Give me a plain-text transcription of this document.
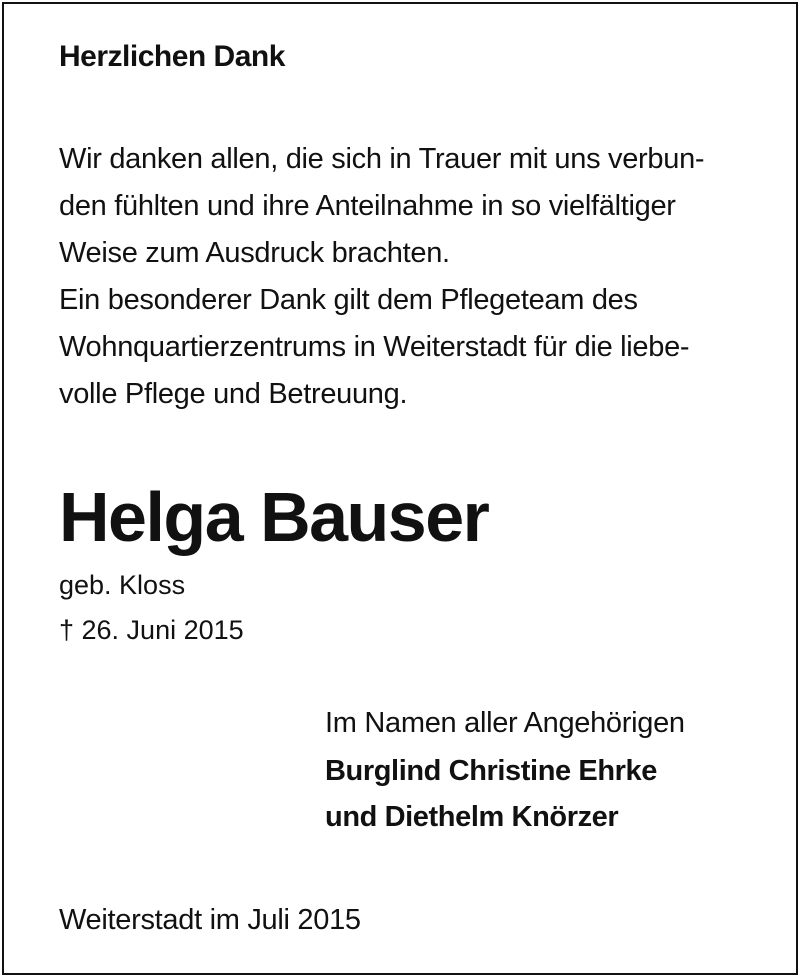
Herzlichen Dank

Wir danken allen, die sich in Trauer mit uns verbun-
den fühlten und ihre Anteilnahme in so vielfältiger
Weise zum Ausdruck brachten.
Ein besonderer Dank gilt dem Pflegeteam des
Wohnquartierzentrums in Weiterstadt für die liebe-
volle Pflege und Betreuung.

Helga Bauser

geb. Kloss

† 26. Juni 2015

Im Namen aller Angehörigen
Burglind Christine Ehrke
und Diethelm Knörzer

Weiterstadt im Juli 2015
